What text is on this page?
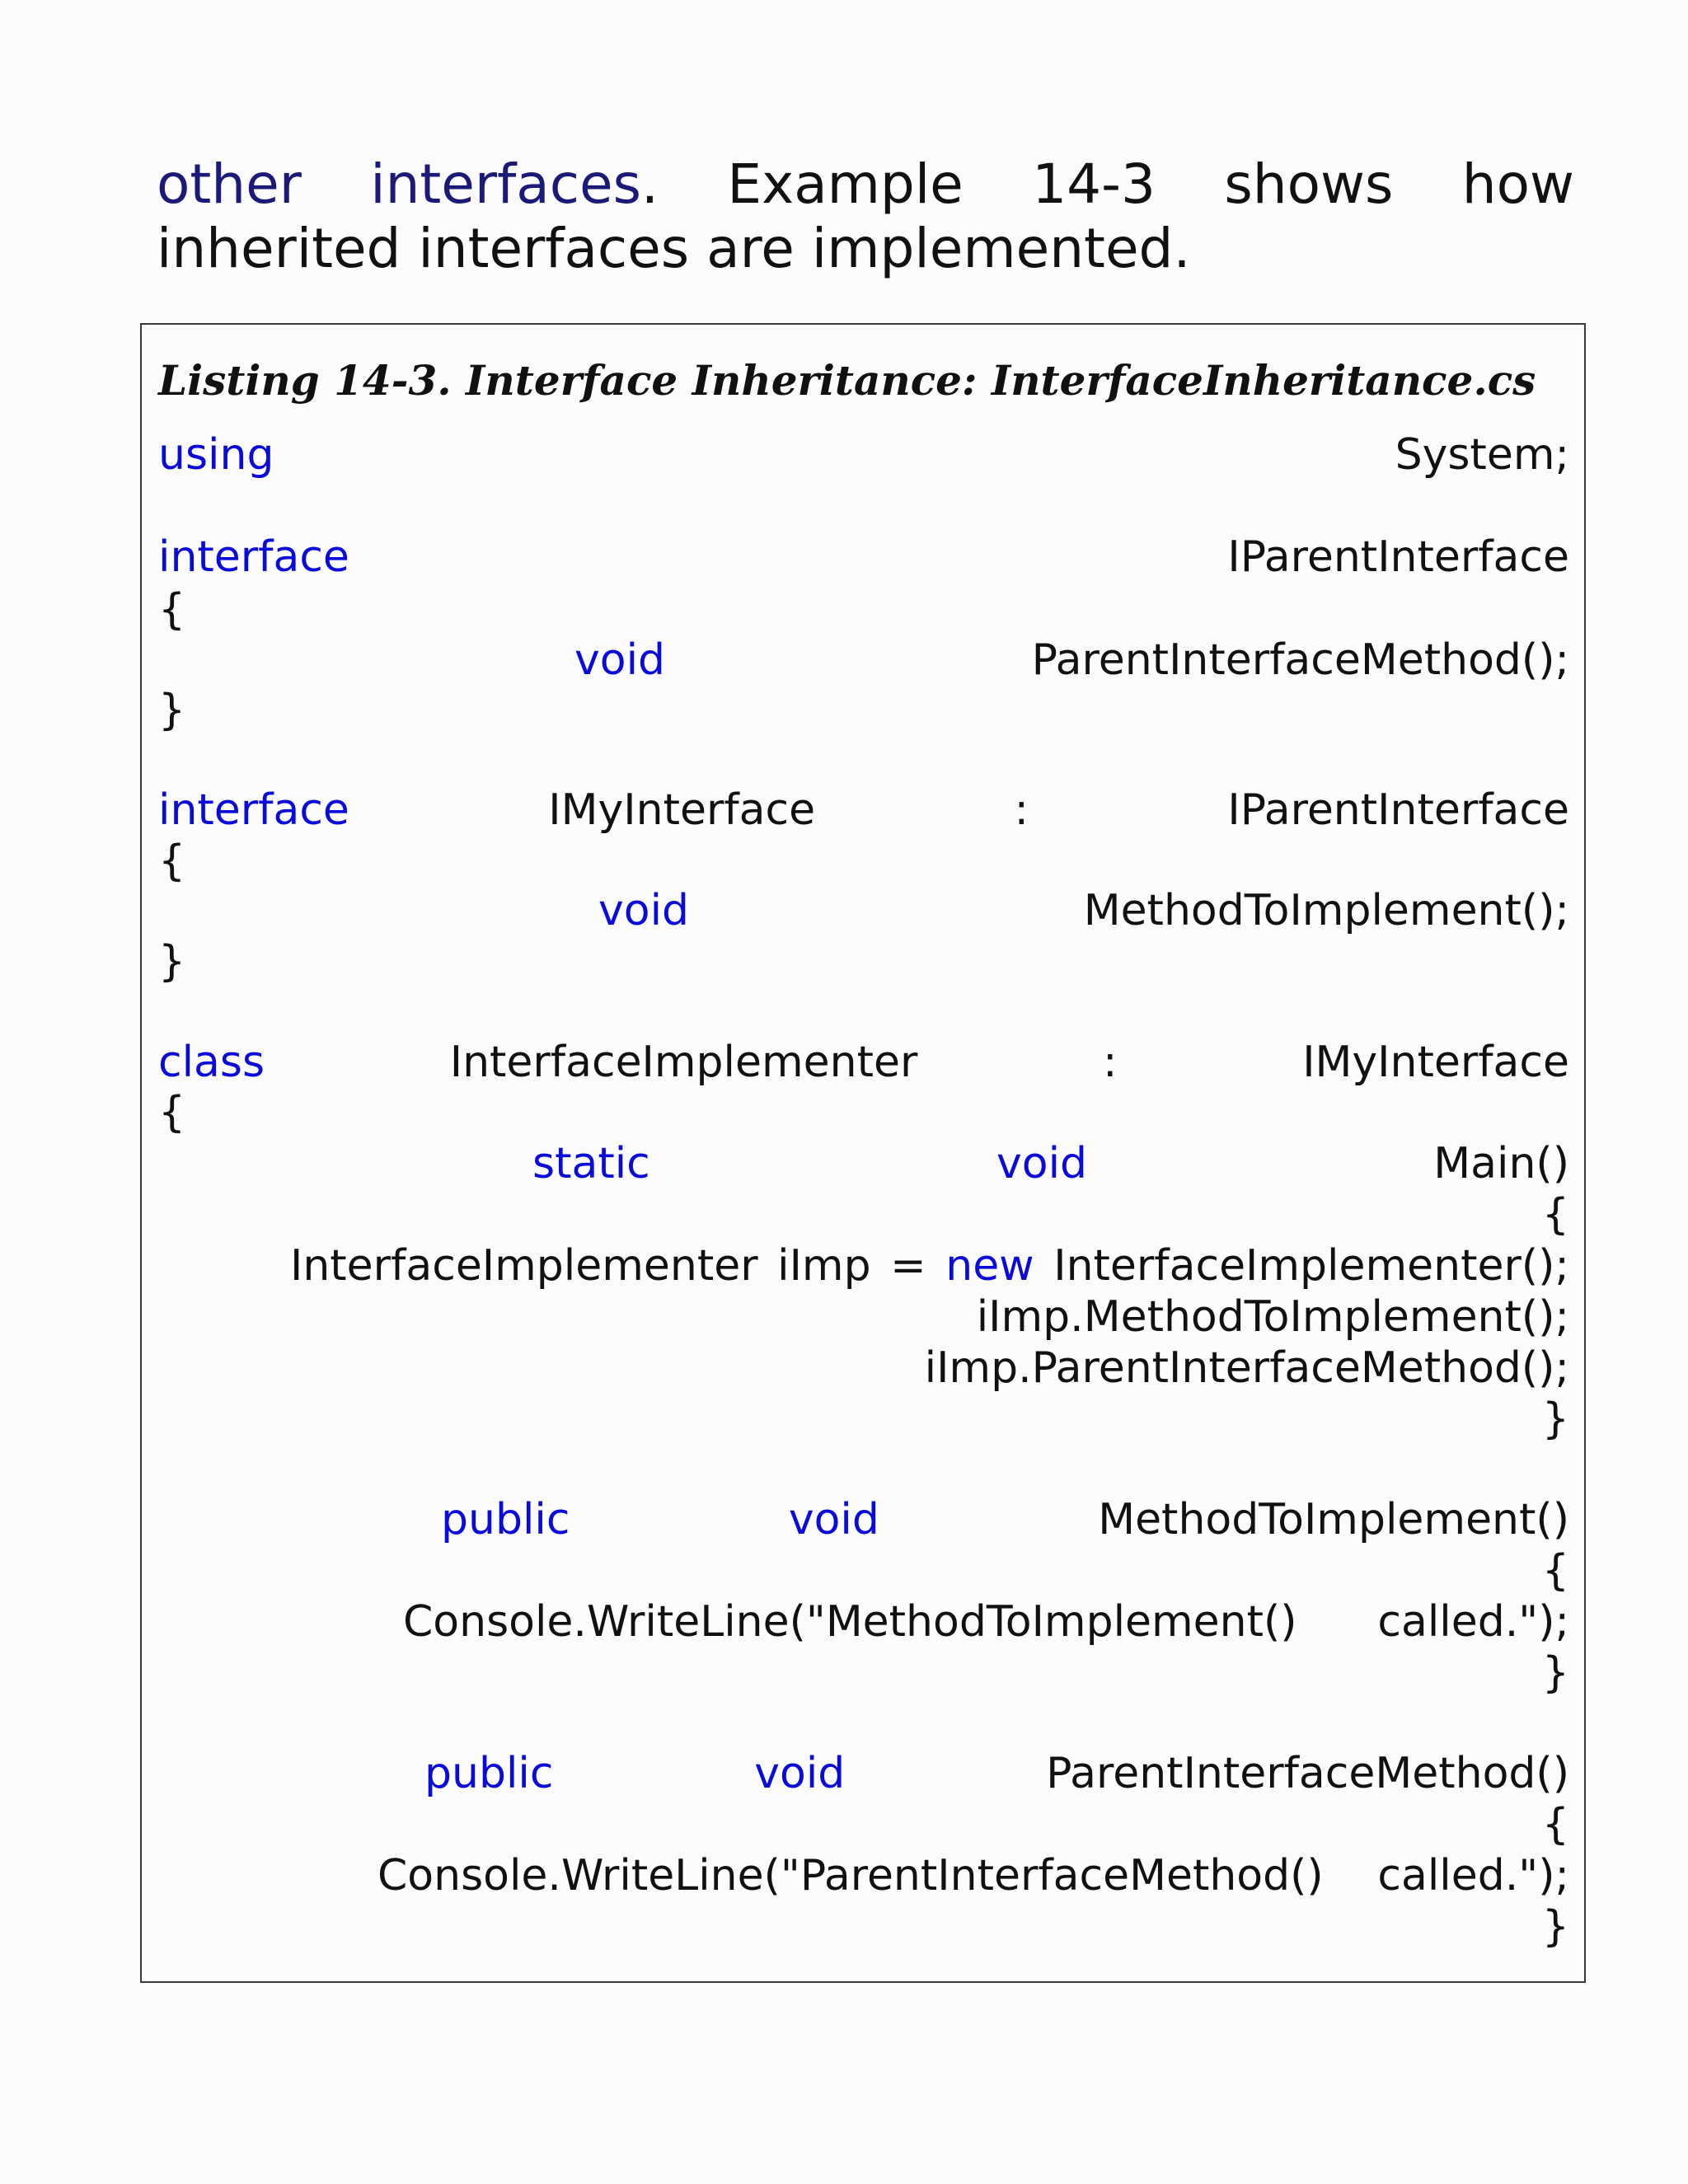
other interfaces. Example 14-3 shows how inherited interfaces are implemented.

Listing 14-3. Interface Inheritance: InterfaceInheritance.cs
using	System;
interface	IParentInterface
{
void	ParentInterfaceMethod();
}
interface	IMyInterface	:	IParentInterface
{
void	MethodToImplement();
}
class	InterfaceImplementer	:	IMyInterface
{
static	void	Main()
{
InterfaceImplementer iImp = new InterfaceImplementer();
iImp.MethodToImplement();
iImp.ParentInterfaceMethod();
}
public	void	MethodToImplement()
{
Console.WriteLine("MethodToImplement() called.");
}
public	void	ParentInterfaceMethod()
{
Console.WriteLine("ParentInterfaceMethod() called.");
}
